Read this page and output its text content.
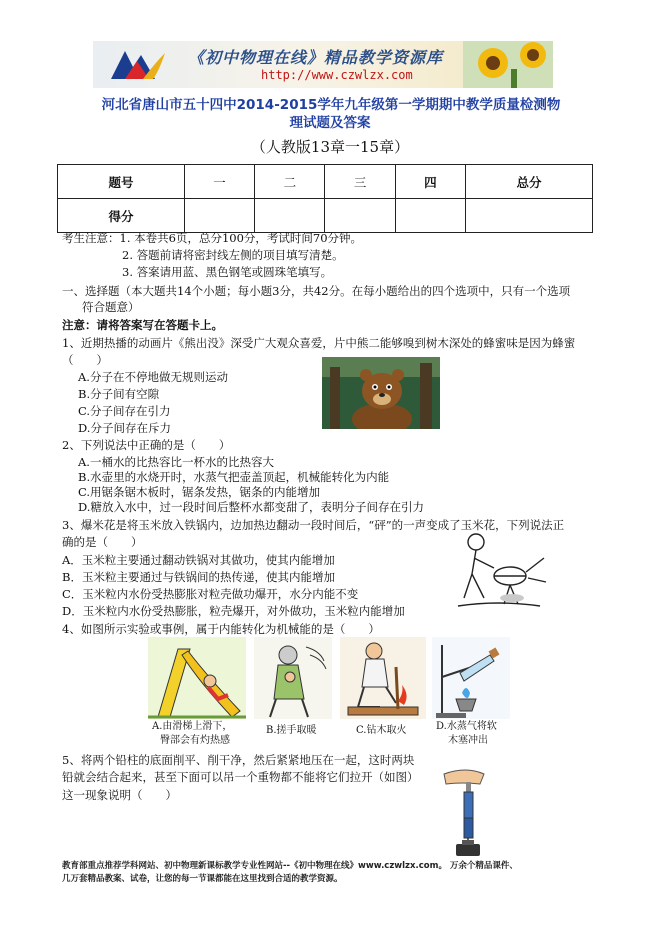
《初中物理在线》精品教学资源库
http://www.czwlzx.com
河北省唐山市五十四中2014-2015学年九年级第一学期期中教学质量检测物
理试题及答案
（人教版13章一15章）
题号	一	二	三	四	总分
得分					
考生注意：1. 本卷共6页，总分100分，考试时间70分钟。
2. 答题前请将密封线左侧的项目填写清楚。
3. 答案请用蓝、黑色钢笔或圆珠笔填写。
一、选择题（本大题共14个小题；每小题3分，共42分。在每小题给出的四个选项中，只有一个选项
符合题意）
注意：请将答案写在答题卡上。
1、近期热播的动画片《熊出没》深受广大观众喜爱，片中熊二能够嗅到树木深处的蜂蜜味是因为蜂蜜
（　　）
A.分子在不停地做无规则运动
B.分子间有空隙
C.分子间存在引力
D.分子间存在斥力
2、下列说法中正确的是（　　）
A.一桶水的比热容比一杯水的比热容大
B.水壶里的水烧开时，水蒸气把壶盖顶起，机械能转化为内能
C.用锯条锯木板时，锯条发热，锯条的内能增加
D.糖放入水中，过一段时间后整杯水都变甜了，表明分子间存在引力
3、爆米花是将玉米放入铁锅内，边加热边翻动一段时间后，“砰”的一声变成了玉米花，下列说法正
确的是（　　）
A．玉米粒主要通过翻动铁锅对其做功，使其内能增加
B．玉米粒主要通过与铁锅间的热传递，使其内能增加
C．玉米粒内水份受热膨胀对粒壳做功爆开，水分内能不变
D．玉米粒内水份受热膨胀，粒壳爆开，对外做功，玉米粒内能增加
4、如图所示实验或事例，属于内能转化为机械能的是（　　）
A.由滑梯上滑下，
臀部会有灼热感
B.搓手取暖	C.钻木取火	D.水蒸气将软
木塞冲出
5、将两个铅柱的底面削平、削干净，然后紧紧地压在一起，这时两块
铅就会结合起来，甚至下面可以吊一个重物都不能将它们拉开（如图）
这一现象说明（　　）
教育部重点推荐学科网站、初中物理新课标教学专业性网站--《初中物理在线》www.czwlzx.com。 万余个精品课件、
几万套精品教案、试卷，让您的每一节课都能在这里找到合适的教学资源。
